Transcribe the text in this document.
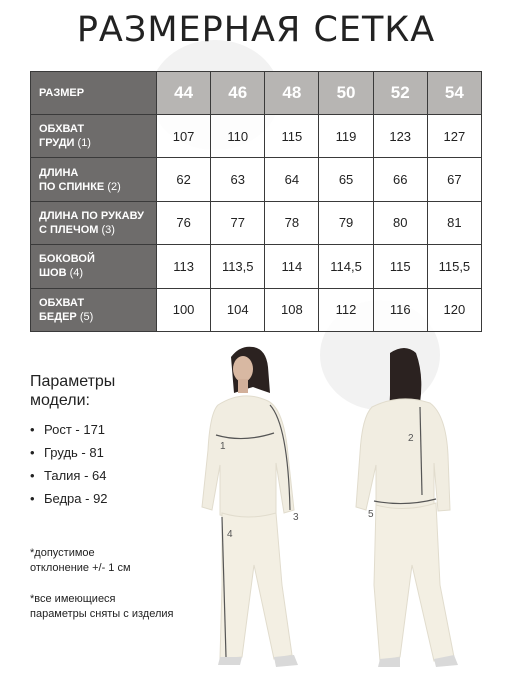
РАЗМЕРНАЯ СЕТКА
РАЗМЕР	44	46	48	50	52	54
ОБХВАТ
ГРУДИ (1)	107	110	115	119	123	127
ДЛИНА
ПО СПИНКЕ (2)	62	63	64	65	66	67
ДЛИНА ПО РУКАВУ
С ПЛЕЧОМ (3)	76	77	78	79	80	81
БОКОВОЙ
ШОВ (4)	113	113,5	114	114,5	115	115,5
ОБХВАТ
БЕДЕР (5)	100	104	108	112	116	120
Параметры
модели:
• Рост - 171
• Грудь - 81
• Талия - 64
• Бедра - 92
*допустимое
отклонение +/- 1 см
*все имеющиеся
параметры сняты с изделия
1
3
4
2
5
